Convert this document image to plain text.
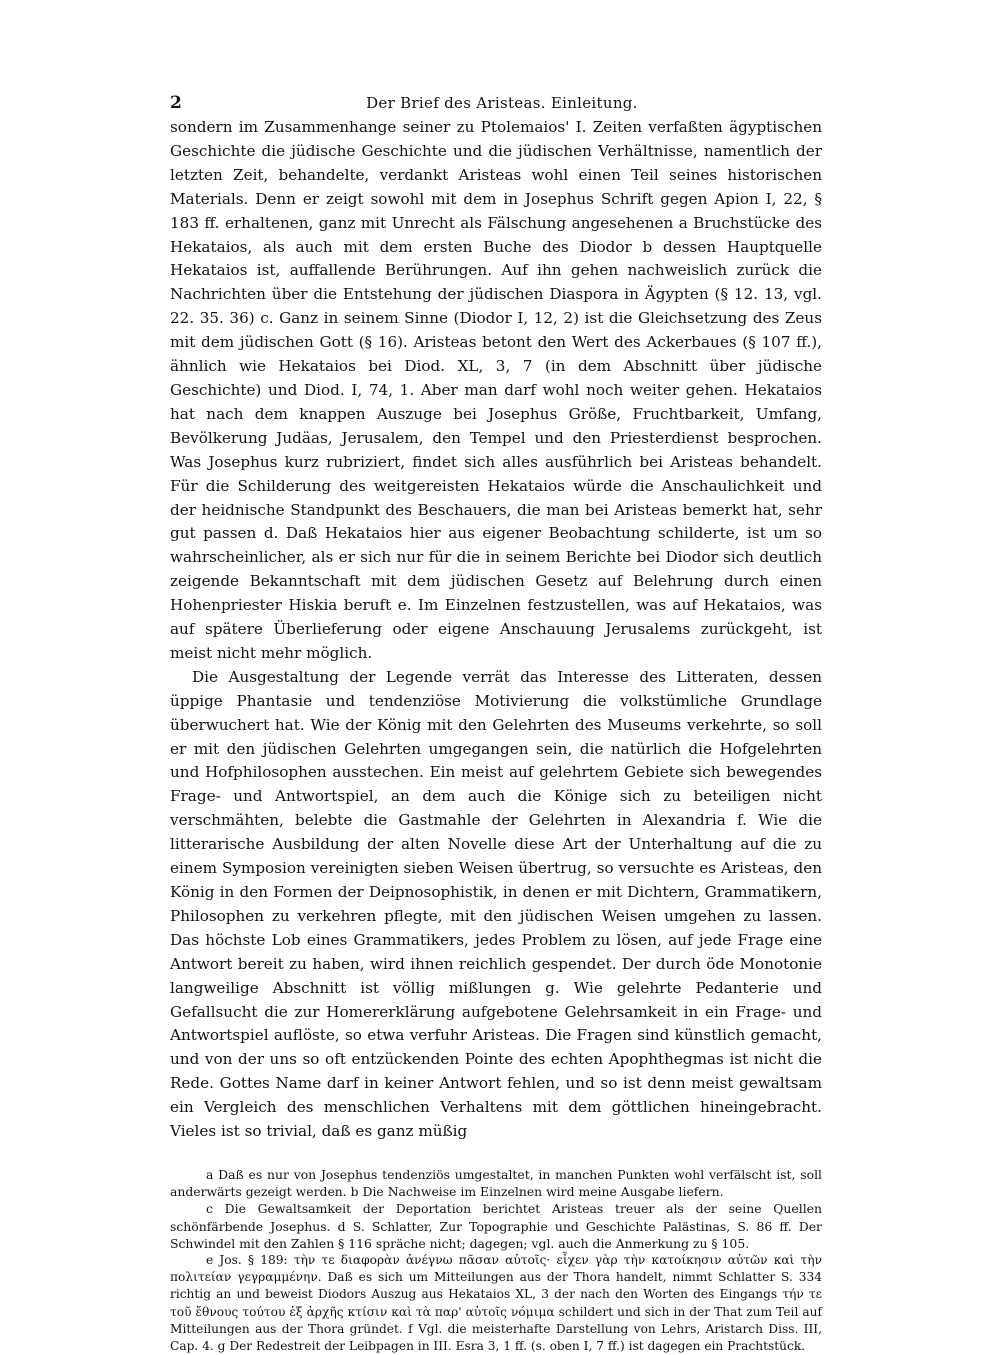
2	Der Brief des Aristeas. Einleitung.

sondern im Zusammenhange seiner zu Ptolemaios' I. Zeiten verfaßten ägyptischen Geschichte die jüdische Geschichte und die jüdischen Verhältnisse, namentlich der letzten Zeit, behandelte, verdankt Aristeas wohl einen Teil seines historischen Materials. Denn er zeigt sowohl mit dem in Josephus Schrift gegen Apion I, 22, § 183 ff. erhaltenen, ganz mit Unrecht als Fälschung angesehenen a Bruchstücke des Hekataios, als auch mit dem ersten Buche des Diodor b dessen Hauptquelle Hekataios ist, auffallende Berührungen. Auf ihn gehen nachweislich zurück die Nachrichten über die Entstehung der jüdischen Diaspora in Ägypten (§ 12. 13, vgl. 22. 35. 36) c. Ganz in seinem Sinne (Diodor I, 12, 2) ist die Gleichsetzung des Zeus mit dem jüdischen Gott (§ 16). Aristeas betont den Wert des Ackerbaues (§ 107 ff.), ähnlich wie Hekataios bei Diod. XL, 3, 7 (in dem Abschnitt über jüdische Geschichte) und Diod. I, 74, 1. Aber man darf wohl noch weiter gehen. Hekataios hat nach dem knappen Auszuge bei Josephus Größe, Fruchtbarkeit, Umfang, Bevölkerung Judäas, Jerusalem, den Tempel und den Priesterdienst besprochen. Was Josephus kurz rubriziert, findet sich alles ausführlich bei Aristeas behandelt. Für die Schilderung des weitgereisten Hekataios würde die Anschaulichkeit und der heidnische Standpunkt des Beschauers, die man bei Aristeas bemerkt hat, sehr gut passen d. Daß Hekataios hier aus eigener Beobachtung schilderte, ist um so wahrscheinlicher, als er sich nur für die in seinem Berichte bei Diodor sich deutlich zeigende Bekanntschaft mit dem jüdischen Gesetz auf Belehrung durch einen Hohenpriester Hiskia beruft e. Im Einzelnen festzustellen, was auf Hekataios, was auf spätere Überlieferung oder eigene Anschauung Jerusalems zurückgeht, ist meist nicht mehr möglich.

Die Ausgestaltung der Legende verrät das Interesse des Litteraten, dessen üppige Phantasie und tendenziöse Motivierung die volkstümliche Grundlage überwuchert hat. Wie der König mit den Gelehrten des Museums verkehrte, so soll er mit den jüdischen Gelehrten umgegangen sein, die natürlich die Hofgelehrten und Hofphilosophen ausstechen. Ein meist auf gelehrtem Gebiete sich bewegendes Frage- und Antwortspiel, an dem auch die Könige sich zu beteiligen nicht verschmähten, belebte die Gastmahle der Gelehrten in Alexandria f. Wie die litterarische Ausbildung der alten Novelle diese Art der Unterhaltung auf die zu einem Symposion vereinigten sieben Weisen übertrug, so versuchte es Aristeas, den König in den Formen der Deipnosophistik, in denen er mit Dichtern, Grammatikern, Philosophen zu verkehren pflegte, mit den jüdischen Weisen umgehen zu lassen. Das höchste Lob eines Grammatikers, jedes Problem zu lösen, auf jede Frage eine Antwort bereit zu haben, wird ihnen reichlich gespendet. Der durch öde Monotonie langweilige Abschnitt ist völlig mißlungen g. Wie gelehrte Pedanterie und Gefallsucht die zur Homererklärung aufgebotene Gelehrsamkeit in ein Frage- und Antwortspiel auflöste, so etwa verfuhr Aristeas. Die Fragen sind künstlich gemacht, und von der uns so oft entzückenden Pointe des echten Apophthegmas ist nicht die Rede. Gottes Name darf in keiner Antwort fehlen, und so ist denn meist gewaltsam ein Vergleich des menschlichen Verhaltens mit dem göttlichen hineingebracht. Vieles ist so trivial, daß es ganz müßig

a Daß es nur von Josephus tendenziös umgestaltet, in manchen Punkten wohl verfälscht ist, soll anderwärts gezeigt werden. b Die Nachweise im Einzelnen wird meine Ausgabe liefern.

c Die Gewaltsamkeit der Deportation berichtet Aristeas treuer als der seine Quellen schönfärbende Josephus. d S. Schlatter, Zur Topographie und Geschichte Palästinas, S. 86 ff. Der Schwindel mit den Zahlen § 116 spräche nicht; dagegen; vgl. auch die Anmerkung zu § 105.

e Jos. § 189: τὴν τε διαφορὰν ἀνέγνω πᾶσαν αὐτοῖς· εἶχεν γὰρ τὴν κατοίκησιν αὐτῶν καὶ τὴν πολιτείαν γεγραμμένην. Daß es sich um Mitteilungen aus der Thora handelt, nimmt Schlatter S. 334 richtig an und beweist Diodors Auszug aus Hekataios XL, 3 der nach den Worten des Eingangs τήν τε τοῦ ἔθνους τούτου ἐξ ἀρχῆς κτίσιν καὶ τὰ παρ' αὐτοῖς νόμιμα schildert und sich in der That zum Teil auf Mitteilungen aus der Thora gründet. f Vgl. die meisterhafte Darstellung von Lehrs, Aristarch Diss. III, Cap. 4. g Der Redestreit der Leibpagen in III. Esra 3, 1 ff. (s. oben I, 7 ff.) ist dagegen ein Prachtstück.
